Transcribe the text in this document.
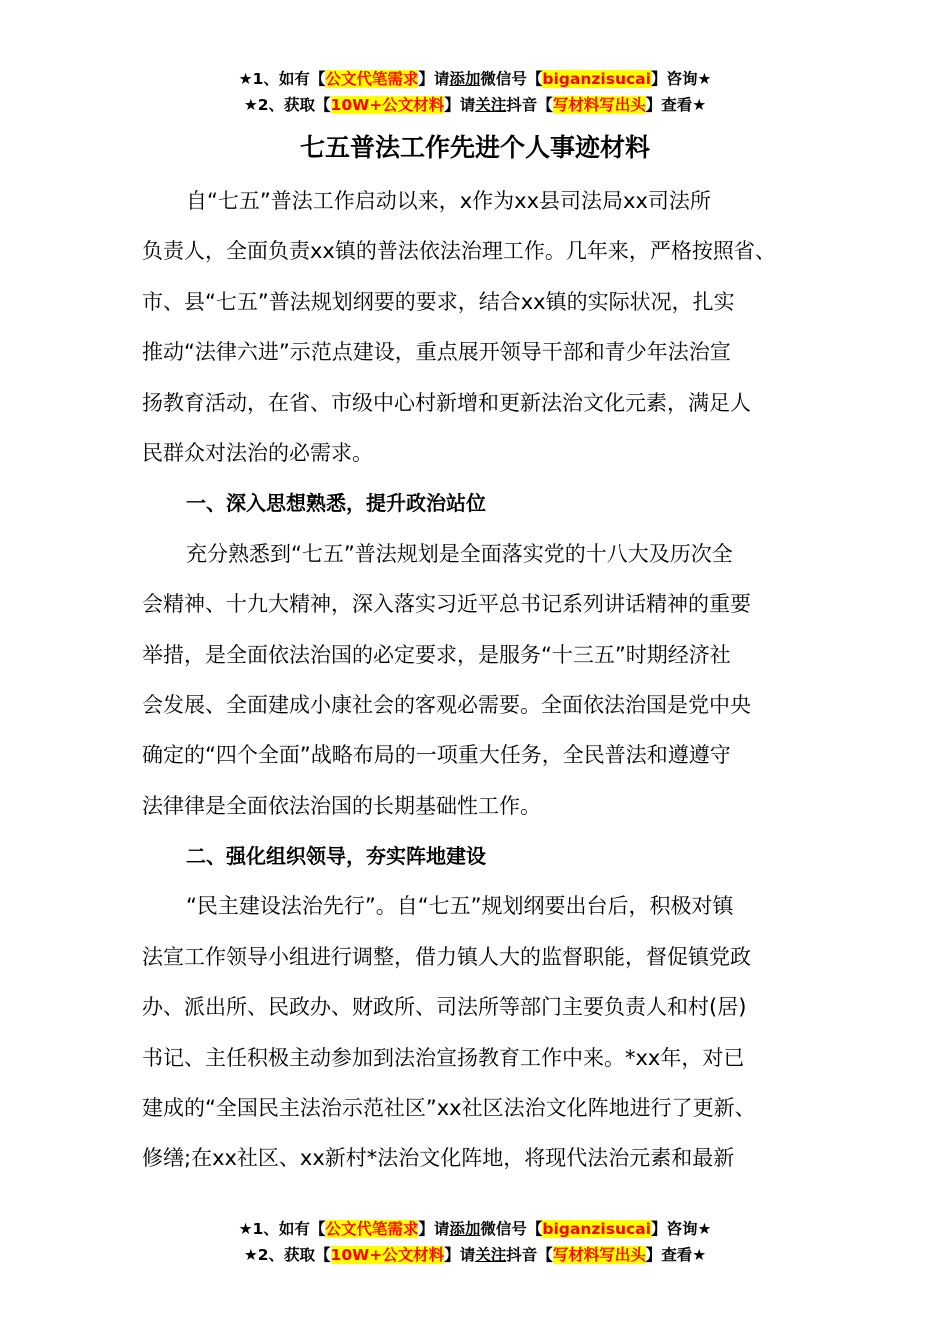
★1、如有【公文代笔需求】请添加微信号【biganzisucai】咨询★
★2、获取【10W+公文材料】请关注抖音【写材料写出头】查看★
七五普法工作先进个人事迹材料
自“七五”普法工作启动以来，x作为xx县司法局xx司法所
负责人，全面负责xx镇的普法依法治理工作。几年来，严格按照省、
市、县“七五”普法规划纲要的要求，结合xx镇的实际状况，扎实
推动“法律六进”示范点建设，重点展开领导干部和青少年法治宣
扬教育活动，在省、市级中心村新增和更新法治文化元素，满足人
民群众对法治的必需求。
一、深入思想熟悉，提升政治站位
充分熟悉到“七五”普法规划是全面落实党的十八大及历次全
会精神、十九大精神，深入落实习近平总书记系列讲话精神的重要
举措，是全面依法治国的必定要求，是服务“十三五”时期经济社
会发展、全面建成小康社会的客观必需要。全面依法治国是党中央
确定的“四个全面”战略布局的一项重大任务，全民普法和遵遵守
法律律是全面依法治国的长期基础性工作。
二、强化组织领导，夯实阵地建设
“民主建设法治先行”。自“七五”规划纲要出台后，积极对镇
法宣工作领导小组进行调整，借力镇人大的监督职能，督促镇党政
办、派出所、民政办、财政所、司法所等部门主要负责人和村(居)
书记、主任积极主动参加到法治宣扬教育工作中来。*xx年，对已
建成的“全国民主法治示范社区”xx社区法治文化阵地进行了更新、
修缮;在xx社区、xx新村*法治文化阵地，将现代法治元素和最新
★1、如有【公文代笔需求】请添加微信号【biganzisucai】咨询★
★2、获取【10W+公文材料】请关注抖音【写材料写出头】查看★
